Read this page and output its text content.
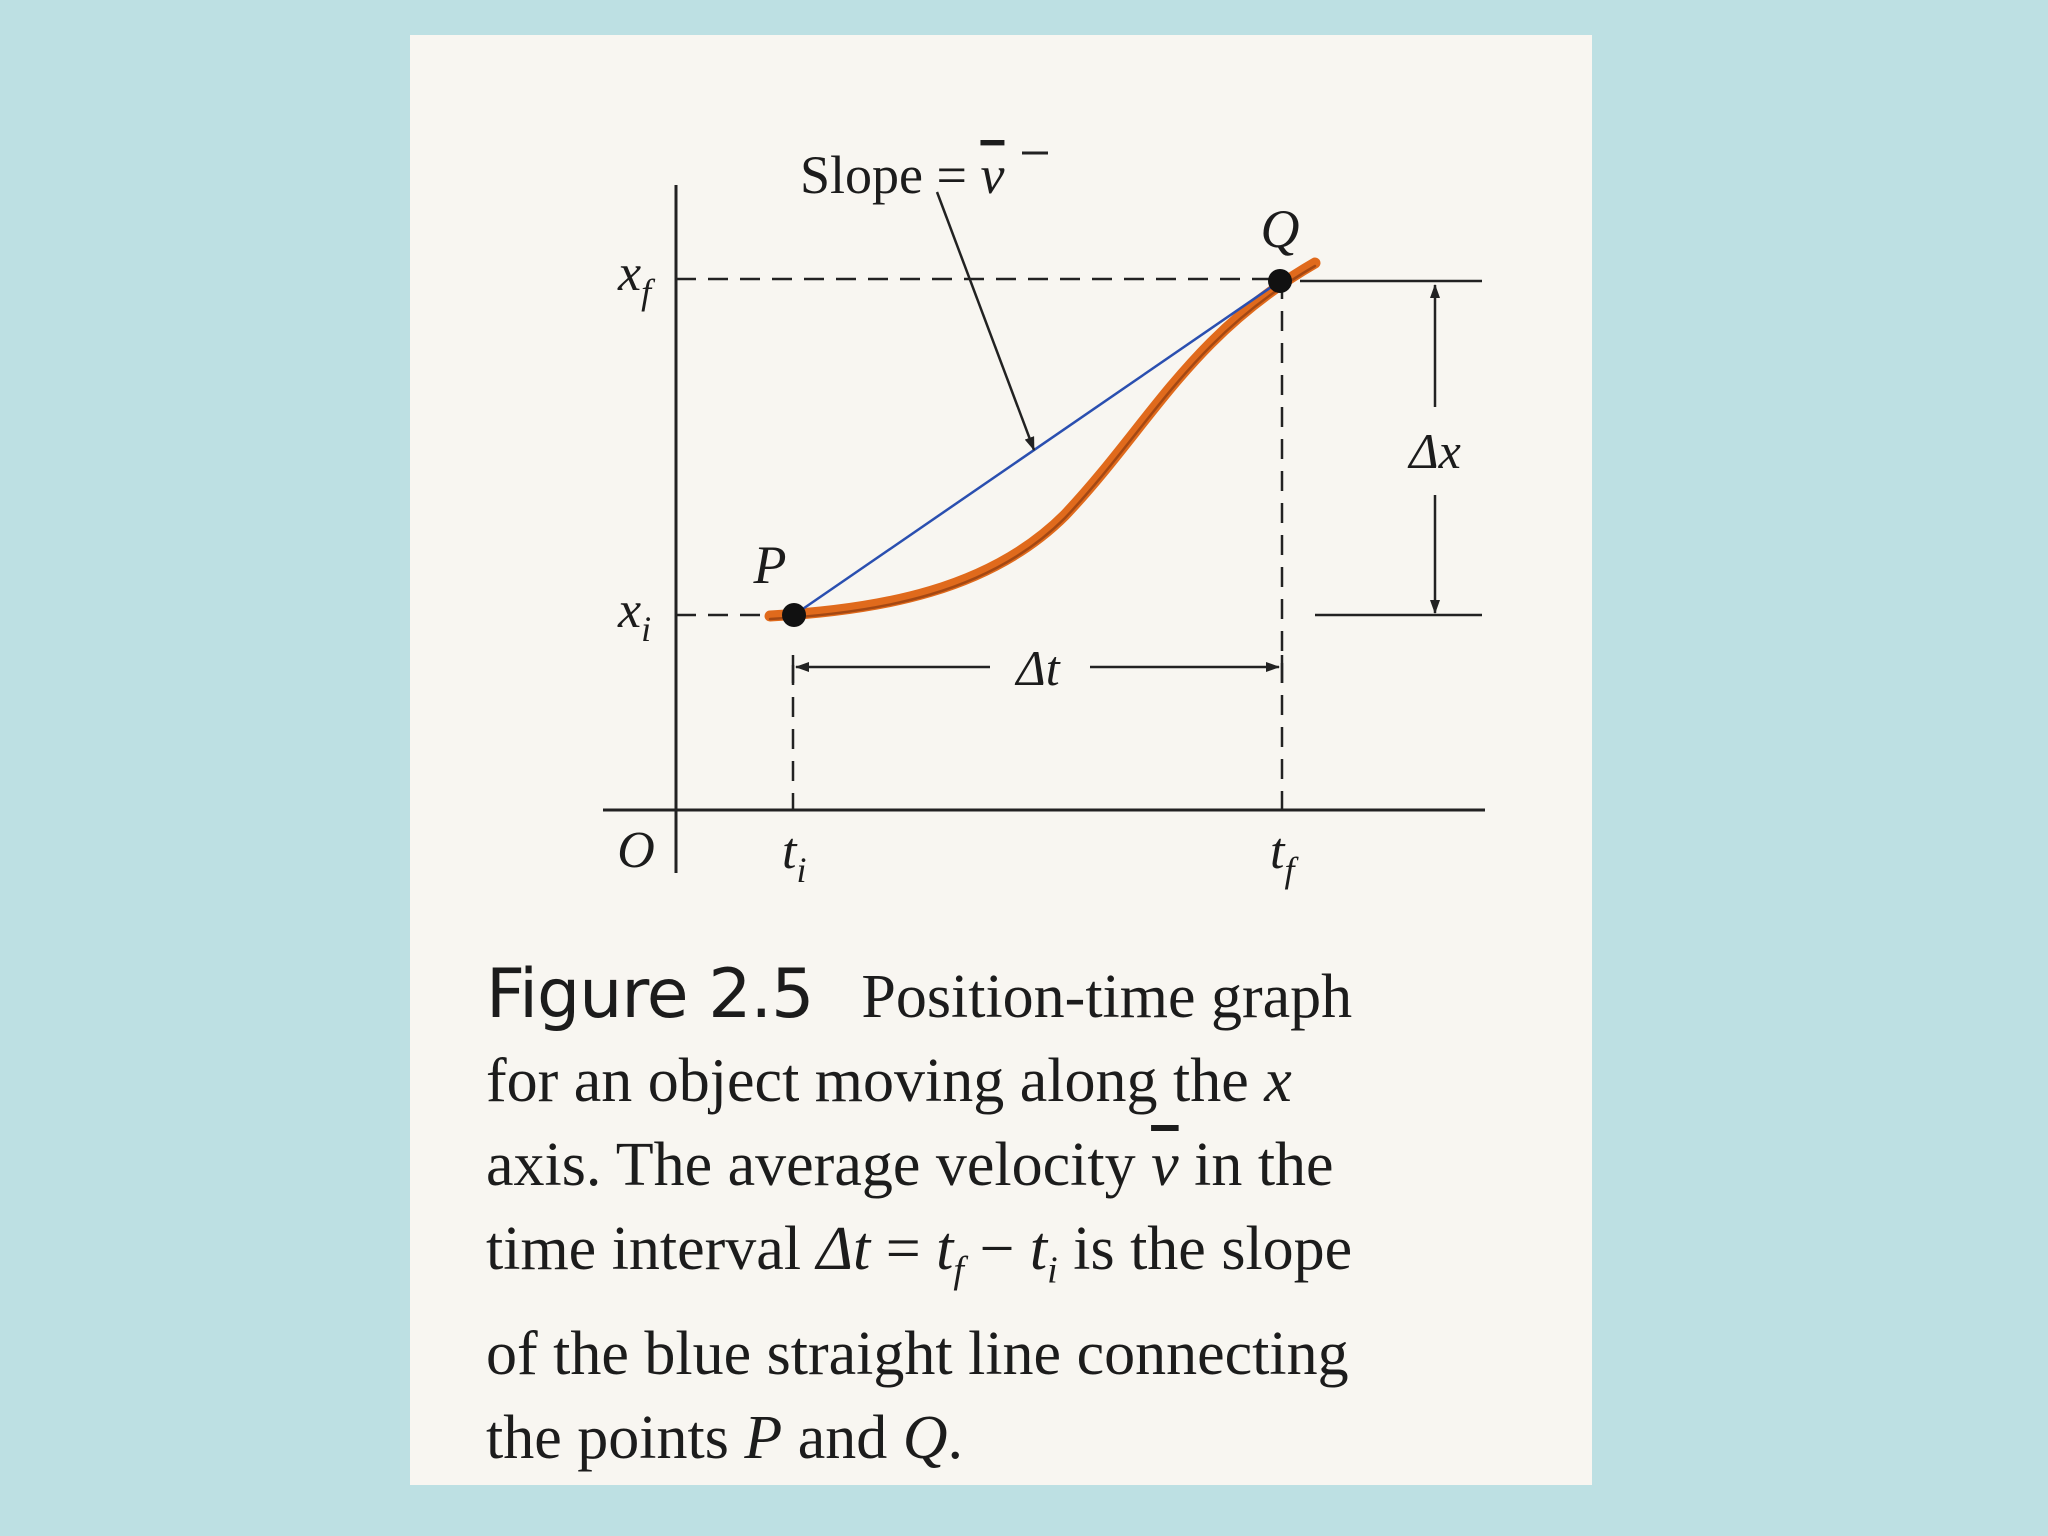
Δx
Δt
Slope = v
Q
P
$x_f$
$x_i$
O $t_i$	$t_f$
Figure 2.5 Position-time graph
for an object moving along the x
axis. The average velocity $\overline{v}$ in the
time interval $\Delta t = t_f - t_i$ is the slope
of the blue straight line connecting
the points P and Q.
